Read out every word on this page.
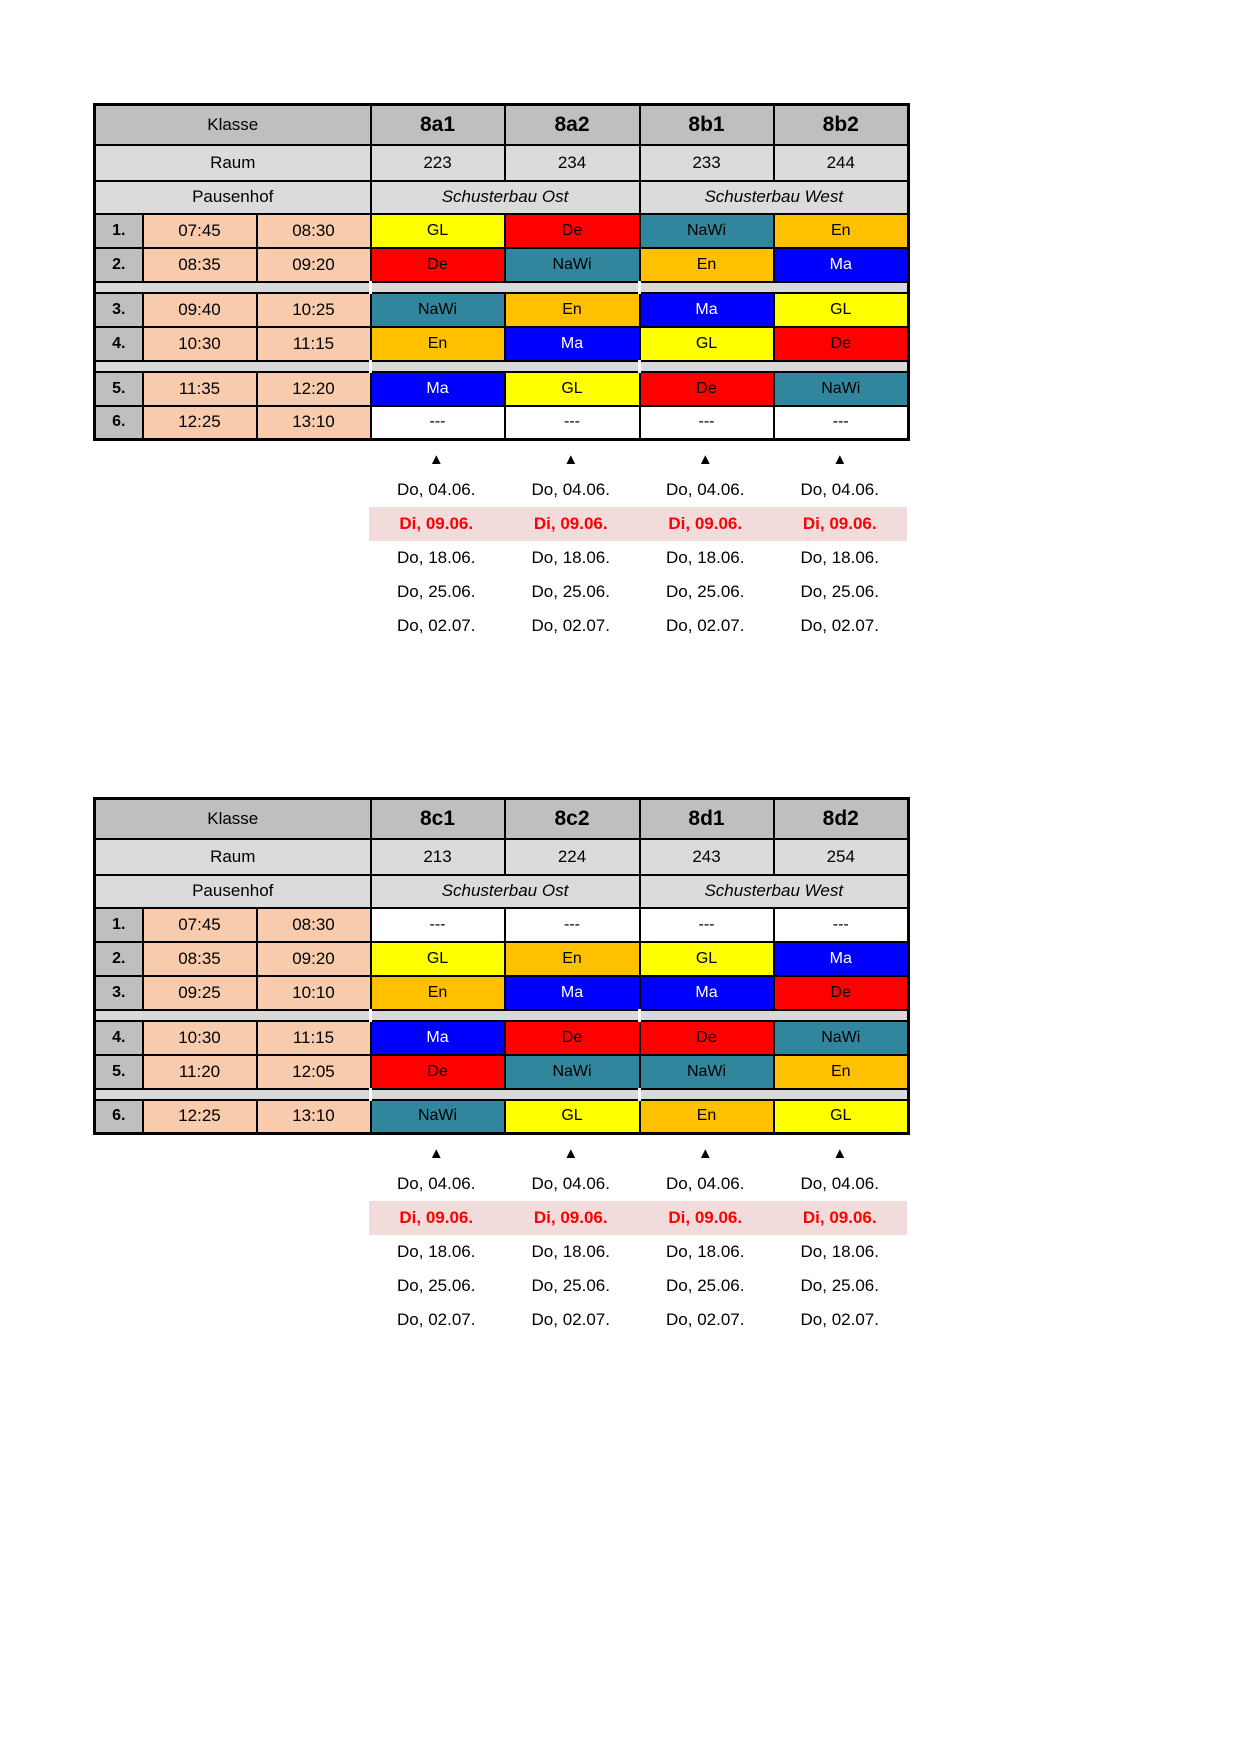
Klasse			8a1	8a2	8b1	8b2
Raum			223	234	233	244
Pausenhof			Schusterbau Ost		Schusterbau West	
1.	07:45	08:30	GL	De	NaWi	En
2.	08:35	09:20	De	NaWi	En	Ma

3.	09:40	10:25	NaWi	En	Ma	GL
4.	10:30	11:15	En	Ma	GL	De

5.	11:35	12:20	Ma	GL	De	NaWi
6.	12:25	13:10	---	---	---	---
▲	▲	▲	▲
Do, 04.06.	Do, 04.06.	Do, 04.06.	Do, 04.06.
Di, 09.06.	Di, 09.06.	Di, 09.06.	Di, 09.06.
Do, 18.06.	Do, 18.06.	Do, 18.06.	Do, 18.06.
Do, 25.06.	Do, 25.06.	Do, 25.06.	Do, 25.06.
Do, 02.07.	Do, 02.07.	Do, 02.07.	Do, 02.07.
Klasse			8c1	8c2	8d1	8d2
Raum			213	224	243	254
Pausenhof			Schusterbau Ost		Schusterbau West	
1.	07:45	08:30	---	---	---	---
2.	08:35	09:20	GL	En	GL	Ma
3.	09:25	10:10	En	Ma	Ma	De

4.	10:30	11:15	Ma	De	De	NaWi
5.	11:20	12:05	De	NaWi	NaWi	En

6.	12:25	13:10	NaWi	GL	En	GL
▲	▲	▲	▲
Do, 04.06.	Do, 04.06.	Do, 04.06.	Do, 04.06.
Di, 09.06.	Di, 09.06.	Di, 09.06.	Di, 09.06.
Do, 18.06.	Do, 18.06.	Do, 18.06.	Do, 18.06.
Do, 25.06.	Do, 25.06.	Do, 25.06.	Do, 25.06.
Do, 02.07.	Do, 02.07.	Do, 02.07.	Do, 02.07.
